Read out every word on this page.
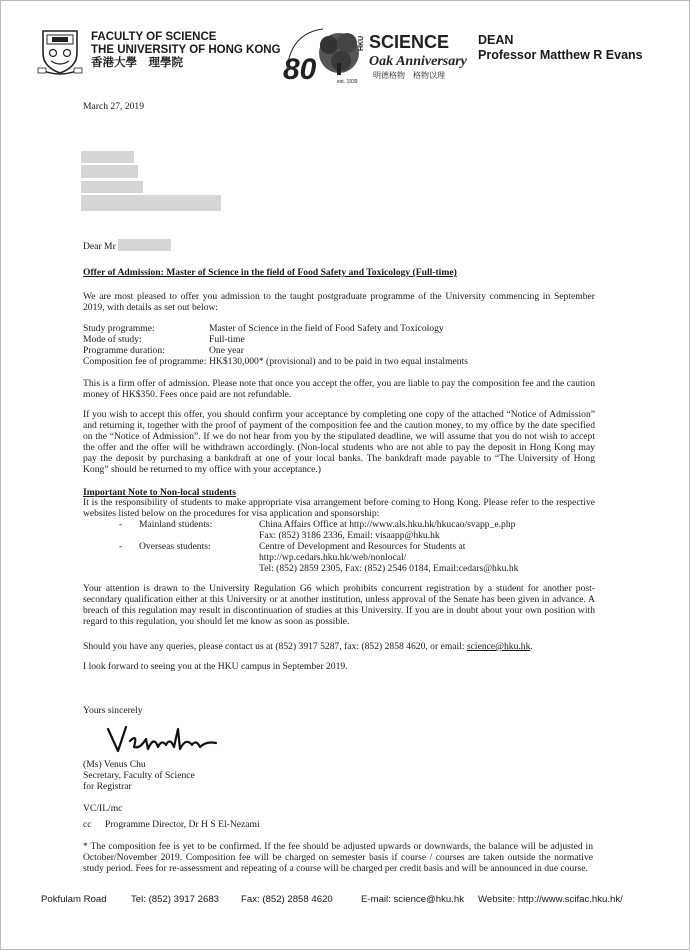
FACULTY OF SCIENCE
THE UNIVERSITY OF HONG KONG
香港大學　理學院	80	est. 1939
HKU SCIENCE
Oak Anniversary
明德格物　格物以理
DEAN
Professor Matthew R Evans
March 27, 2019
Dear Mr
Offer of Admission: Master of Science in the field of Food Safety and Toxicology (Full-time)
We are most pleased to offer you admission to the taught postgraduate programme of the University commencing in September 2019, with details as set out below:
Study programme:	Master of Science in the field of Food Safety and Toxicology
Mode of study:	Full-time
Programme duration:	One year
Composition fee of programme: HK$130,000* (provisional) and to be paid in two equal instalments
This is a firm offer of admission. Please note that once you accept the offer, you are liable to pay the composition fee and the caution money of HK$350. Fees once paid are not refundable.
If you wish to accept this offer, you should confirm your acceptance by completing one copy of the attached “Notice of Admission” and returning it, together with the proof of payment of the composition fee and the caution money, to my office by the date specified on the “Notice of Admission”. If we do not hear from you by the stipulated deadline, we will assume that you do not wish to accept the offer and the offer will be withdrawn accordingly. (Non-local students who are not able to pay the deposit in Hong Kong may pay the deposit by purchasing a bankdraft at one of your local banks. The bankdraft made payable to “The University of Hong Kong” should be returned to my office with your acceptance.)
Important Note to Non-local students
It is the responsibility of students to make appropriate visa arrangement before coming to Hong Kong. Please refer to the respective websites listed below on the procedures for visa application and sponsorship:
- Mainland students:	China Affairs Office at http://www.als.hku.hk/hkucao/svapp_e.php
Fax: (852) 3186 2336, Email: visaapp@hku.hk
- Overseas students:	Centre of Development and Resources for Students at
http://wp.cedars.hku.hk/web/nonlocal/
Tel: (852) 2859 2305, Fax: (852) 2546 0184, Email:cedars@hku.hk
Your attention is drawn to the University Regulation G6 which prohibits concurrent registration by a student for another post-secondary qualification either at this University or at another institution, unless approval of the Senate has been given in advance. A breach of this regulation may result in discontinuation of studies at this University. If you are in doubt about your own position with regard to this regulation, you should let me know as soon as possible.
Should you have any queries, please contact us at (852) 3917 5287, fax: (852) 2858 4620, or email: science@hku.hk.
I look forward to seeing you at the HKU campus in September 2019.
Yours sincerely
(Ms) Venus Chu
Secretary, Faculty of Science
for Registrar
VC/IL/mc
cc Programme Director, Dr H S El-Nezami
* The composition fee is yet to be confirmed. If the fee should be adjusted upwards or downwards, the balance will be adjusted in October/November 2019. Composition fee will be charged on semester basis if course / courses are taken outside the normative study period. Fees for re-assessment and repeating of a course will be charged per credit basis and will be announced in due course.
Pokfulam Road	Tel: (852) 3917 2683 Fax: (852) 2858 4620	E-mail: science@hku.hk Website: http://www.scifac.hku.hk/
